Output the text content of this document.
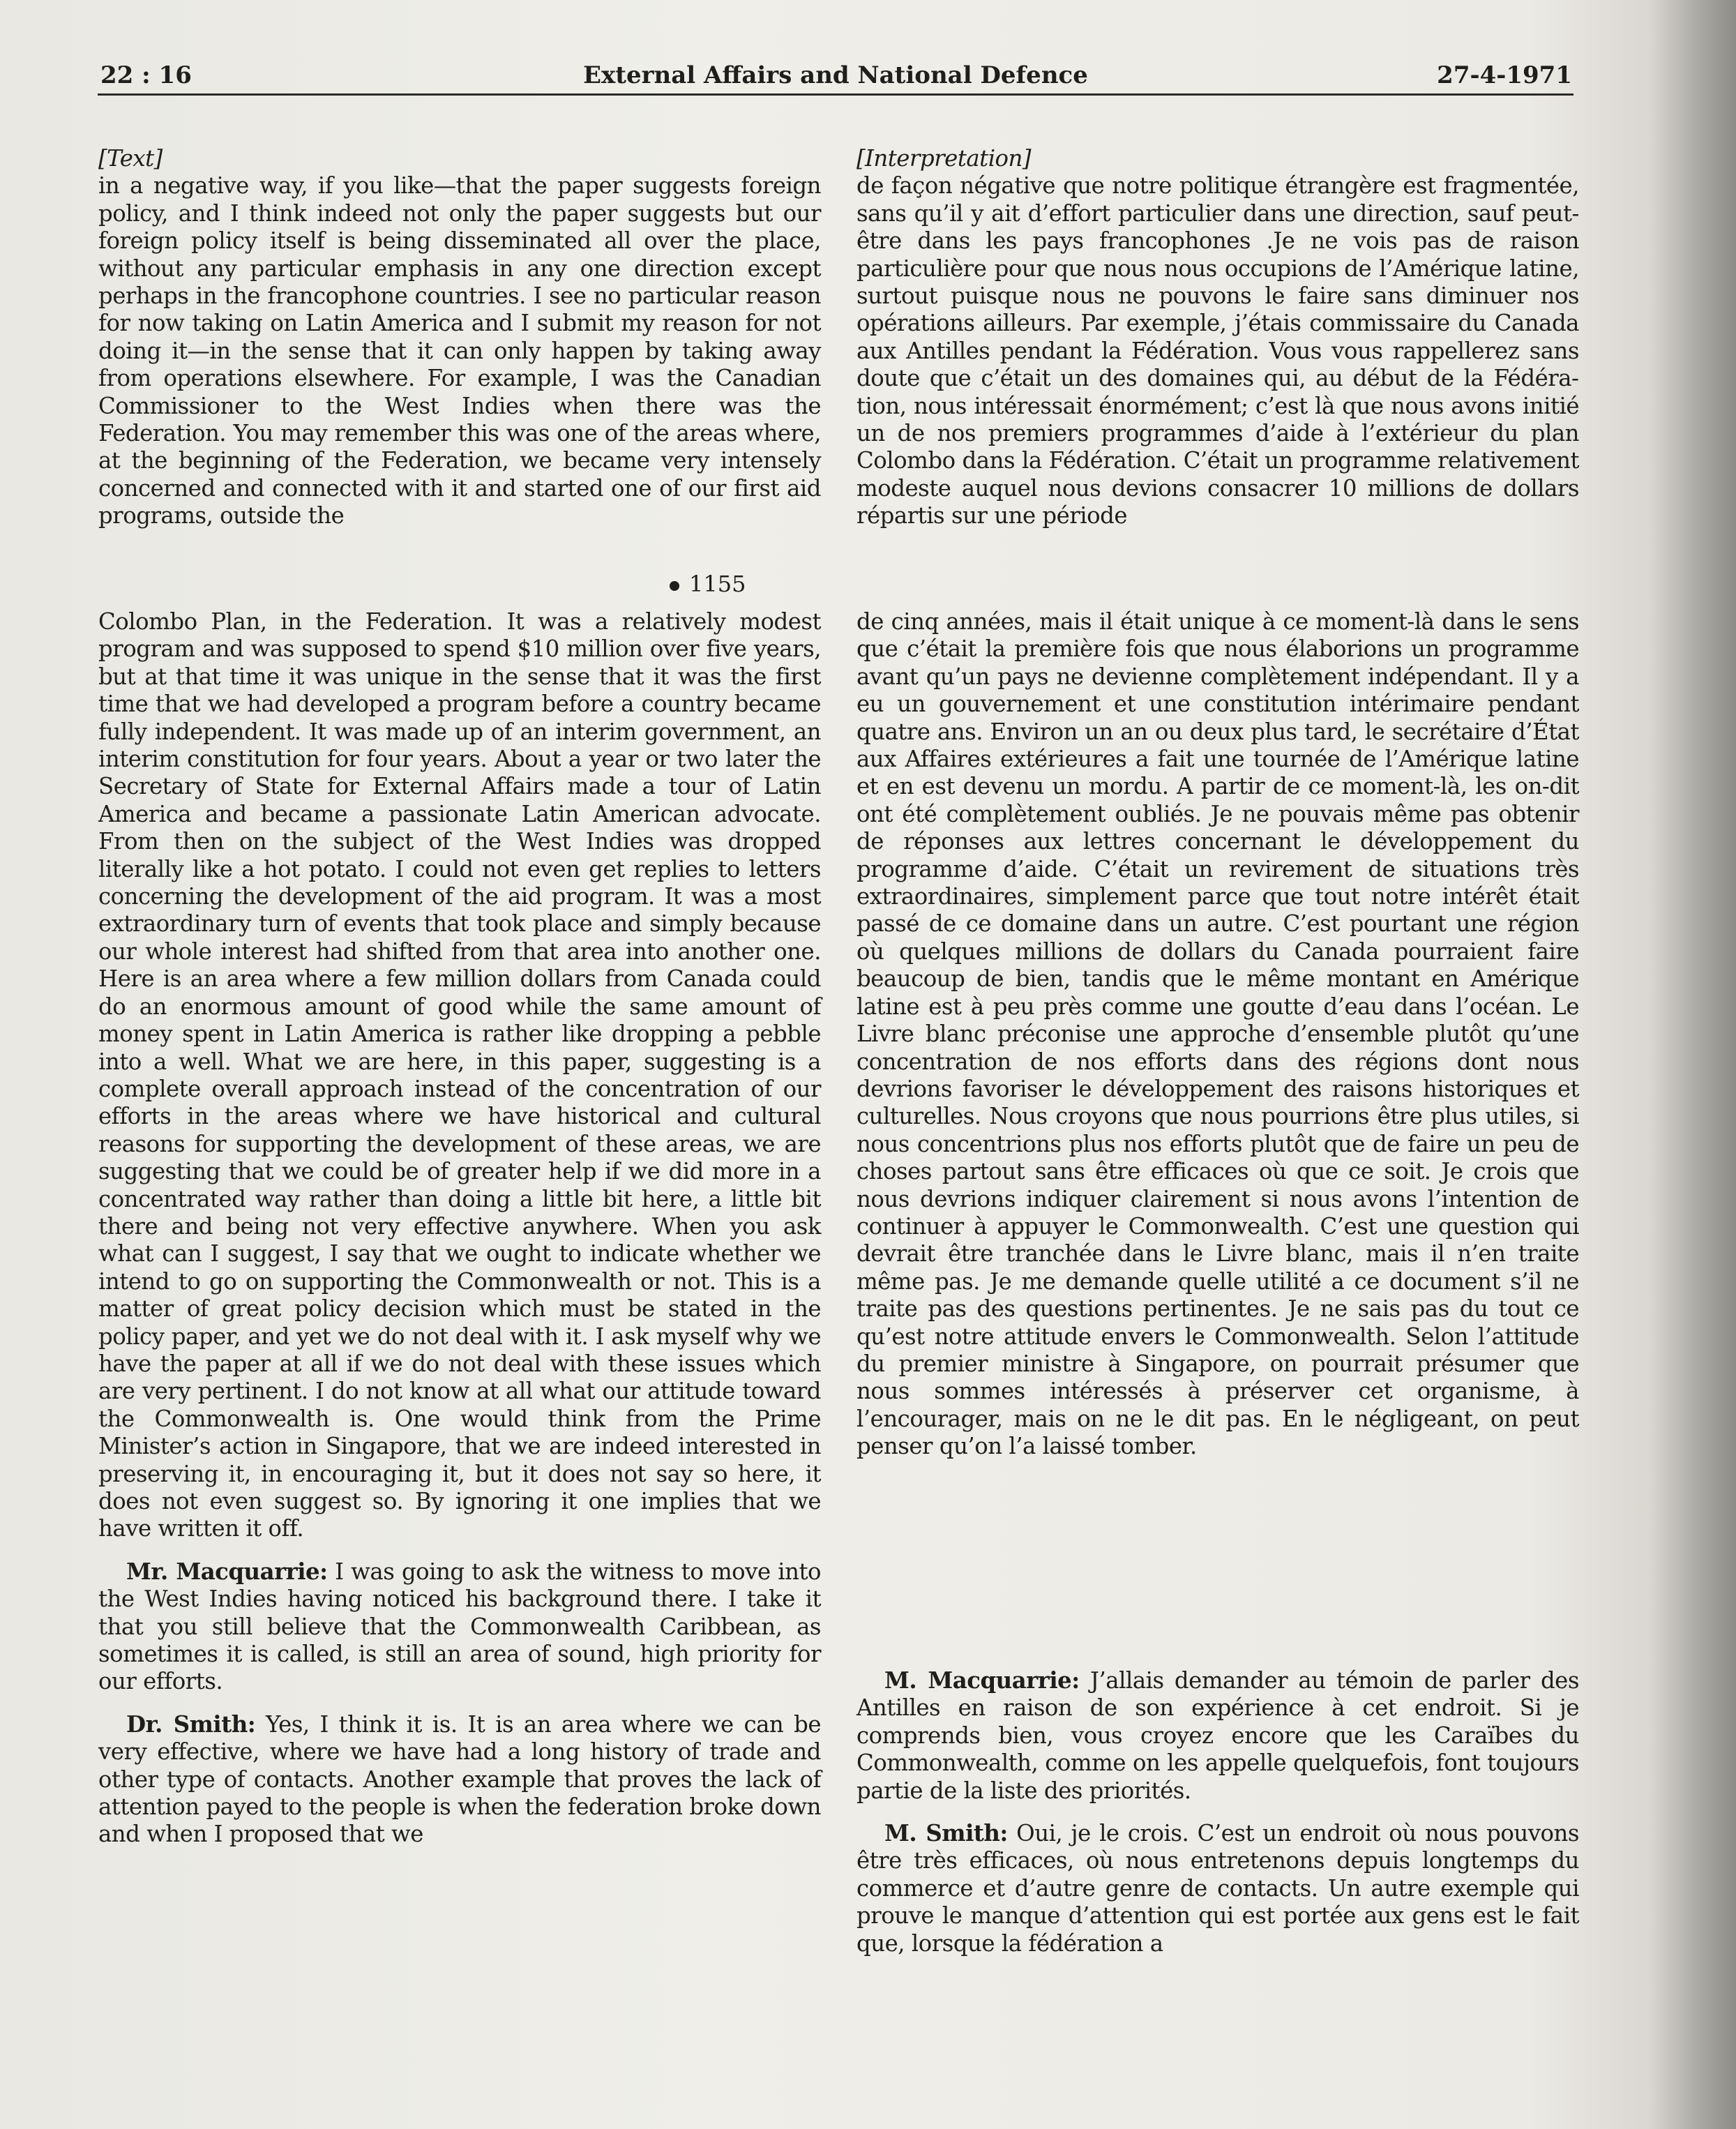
22 : 16	External Affairs and National Defence	27-4-1971

[Text]

in a negative way, if you like—that the paper suggests foreign policy, and I think indeed not only the paper suggests but our foreign policy itself is being disseminated all over the place, without any particular emphasis in any one direction except perhaps in the francophone countries. I see no particular reason for now taking on Latin America and I submit my reason for not doing it—in the sense that it can only happen by taking away from operations elsewhere. For example, I was the Canadian Commissioner to the West Indies when there was the Federation. You may remember this was one of the areas where, at the beginning of the Federation, we became very intensely concerned and connected with it and started one of our first aid programs, outside the

1155

Colombo Plan, in the Federation. It was a relatively modest program and was supposed to spend $10 million over five years, but at that time it was unique in the sense that it was the first time that we had developed a program before a country became fully independent. It was made up of an interim government, an interim constitution for four years. About a year or two later the Secretary of State for External Affairs made a tour of Latin America and became a passionate Latin American advocate. From then on the subject of the West Indies was dropped literally like a hot potato. I could not even get replies to letters concerning the development of the aid program. It was a most extraordinary turn of events that took place and simply because our whole interest had shifted from that area into another one. Here is an area where a few million dollars from Canada could do an enormous amount of good while the same amount of money spent in Latin America is rather like dropping a pebble into a well. What we are here, in this paper, suggesting is a complete overall approach instead of the concentration of our efforts in the areas where we have historical and cultural reasons for supporting the development of these areas, we are suggesting that we could be of greater help if we did more in a concentrated way rather than doing a little bit here, a little bit there and being not very effective anywhere. When you ask what can I suggest, I say that we ought to indicate whether we intend to go on supporting the Commonwealth or not. This is a matter of great policy decision which must be stated in the policy paper, and yet we do not deal with it. I ask myself why we have the paper at all if we do not deal with these issues which are very pertinent. I do not know at all what our attitude toward the Commonwealth is. One would think from the Prime Minister’s action in Singapore, that we are indeed interested in preserving it, in encouraging it, but it does not say so here, it does not even suggest so. By ignoring it one implies that we have written it off.

Mr. Macquarrie: I was going to ask the witness to move into the West Indies having noticed his background there. I take it that you still believe that the Commonwealth Caribbean, as sometimes it is called, is still an area of sound, high priority for our efforts.

Dr. Smith: Yes, I think it is. It is an area where we can be very effective, where we have had a long history of trade and other type of contacts. Another example that proves the lack of attention payed to the people is when the federation broke down and when I proposed that we

[Interpretation]

de façon négative que notre politique étrangère est fragmentée, sans qu’il y ait d’effort particulier dans une direction, sauf peut-être dans les pays francophones .Je ne vois pas de raison particulière pour que nous nous occupions de l’Amérique latine, surtout puisque nous ne pouvons le faire sans diminuer nos opérations ailleurs. Par exemple, j’étais commissaire du Canada aux Antilles pendant la Fédération. Vous vous rappellerez sans doute que c’était un des domaines qui, au début de la Fédération, nous intéressait énormément; c’est là que nous avons initié un de nos premiers programmes d’aide à l’extérieur du plan Colombo dans la Fédération. C’était un programme relativement modeste auquel nous devions consacrer 10 millions de dollars répartis sur une période

de cinq années, mais il était unique à ce moment-là dans le sens que c’était la première fois que nous élaborions un programme avant qu’un pays ne devienne complètement indépendant. Il y a eu un gouvernement et une constitution intérimaire pendant quatre ans. Environ un an ou deux plus tard, le secrétaire d’État aux Affaires extérieures a fait une tournée de l’Amérique latine et en est devenu un mordu. A partir de ce moment-là, les on-dit ont été complètement oubliés. Je ne pouvais même pas obtenir de réponses aux lettres concernant le développement du programme d’aide. C’était un revirement de situations très extraordinaires, simplement parce que tout notre intérêt était passé de ce domaine dans un autre. C’est pourtant une région où quelques millions de dollars du Canada pourraient faire beaucoup de bien, tandis que le même montant en Amérique latine est à peu près comme une goutte d’eau dans l’océan. Le Livre blanc préconise une approche d’ensemble plutôt qu’une concentration de nos efforts dans des régions dont nous devrions favoriser le développement des raisons historiques et culturelles. Nous croyons que nous pourrions être plus utiles, si nous concentrions plus nos efforts plutôt que de faire un peu de choses partout sans être efficaces où que ce soit. Je crois que nous devrions indiquer clairement si nous avons l’intention de continuer à appuyer le Commonwealth. C’est une question qui devrait être tranchée dans le Livre blanc, mais il n’en traite même pas. Je me demande quelle utilité a ce document s’il ne traite pas des questions pertinentes. Je ne sais pas du tout ce qu’est notre attitude envers le Commonwealth. Selon l’attitude du premier ministre à Singapore, on pourrait présumer que nous sommes intéressés à préserver cet organisme, à l’encourager, mais on ne le dit pas. En le négligeant, on peut penser qu’on l’a laissé tomber.

M. Macquarrie: J’allais demander au témoin de parler des Antilles en raison de son expérience à cet endroit. Si je comprends bien, vous croyez encore que les Caraïbes du Commonwealth, comme on les appelle quelquefois, font toujours partie de la liste des priorités.

M. Smith: Oui, je le crois. C’est un endroit où nous pouvons être très efficaces, où nous entretenons depuis longtemps du commerce et d’autre genre de contacts. Un autre exemple qui prouve le manque d’attention qui est portée aux gens est le fait que, lorsque la fédération a
